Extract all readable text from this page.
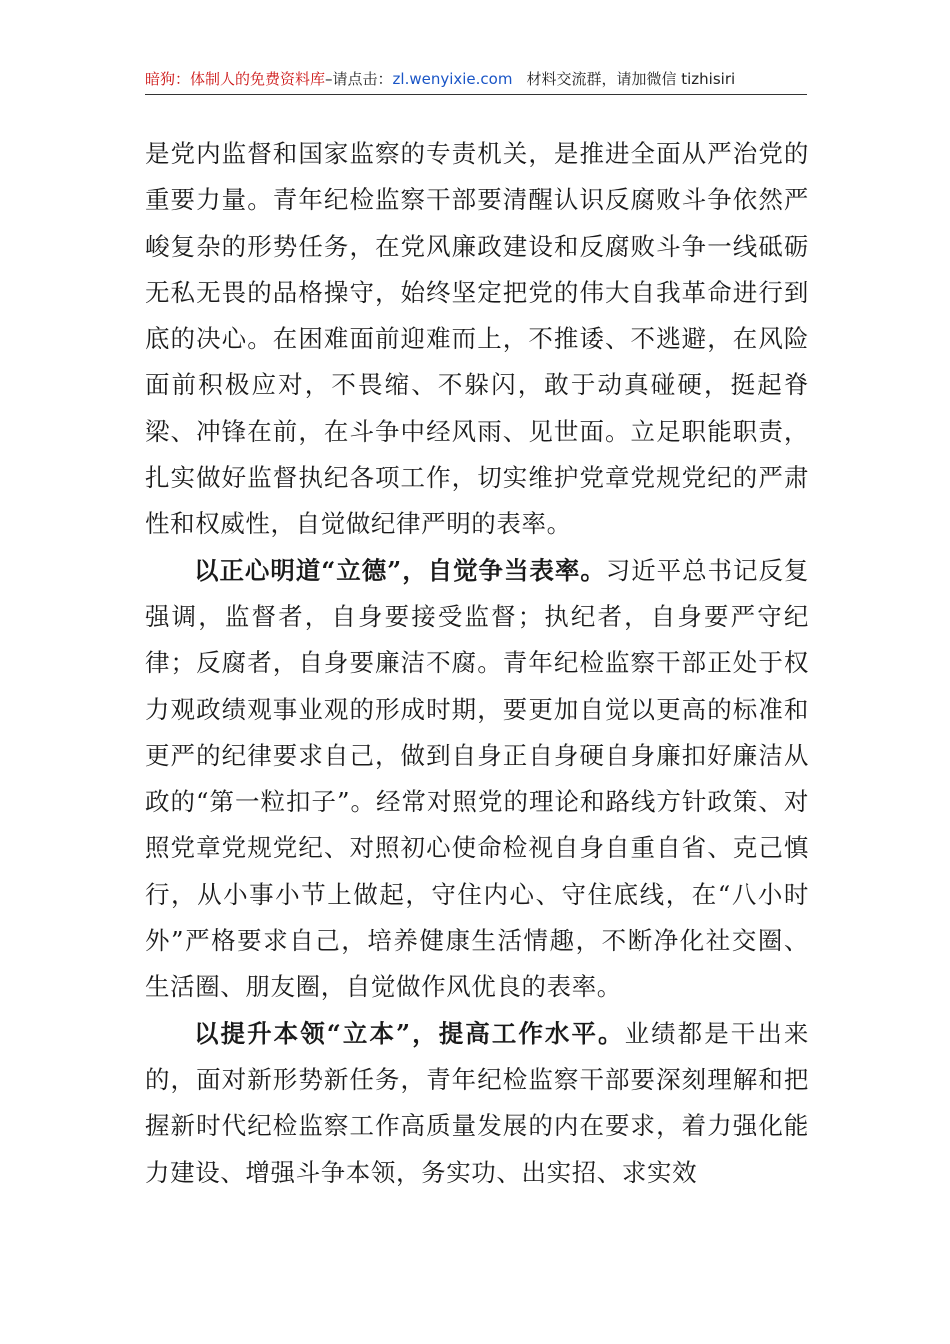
暗狗：体制人的免费资料库–请点击：zl.wenyixie.com 材料交流群，请加微信 tizhisiri

是党内监督和国家监察的专责机关，是推进全面从严治党的重要力量。青年纪检监察干部要清醒认识反腐败斗争依然严峻复杂的形势任务，在党风廉政建设和反腐败斗争一线砥砺无私无畏的品格操守，始终坚定把党的伟大自我革命进行到底的决心。在困难面前迎难而上，不推诿、不逃避，在风险面前积极应对，不畏缩、不躲闪，敢于动真碰硬，挺起脊梁、冲锋在前，在斗争中经风雨、见世面。立足职能职责，扎实做好监督执纪各项工作，切实维护党章党规党纪的严肃性和权威性，自觉做纪律严明的表率。

以正心明道“立德”，自觉争当表率。习近平总书记反复强调，监督者，自身要接受监督；执纪者，自身要严守纪律；反腐者，自身要廉洁不腐。青年纪检监察干部正处于权力观政绩观事业观的形成时期，要更加自觉以更高的标准和更严的纪律要求自己，做到自身正自身硬自身廉扣好廉洁从政的“第一粒扣子”。经常对照党的理论和路线方针政策、对照党章党规党纪、对照初心使命检视自身自重自省、克己慎行，从小事小节上做起，守住内心、守住底线，在“八小时外”严格要求自己，培养健康生活情趣，不断净化社交圈、生活圈、朋友圈，自觉做作风优良的表率。

以提升本领“立本”，提高工作水平。业绩都是干出来的，面对新形势新任务，青年纪检监察干部要深刻理解和把握新时代纪检监察工作高质量发展的内在要求，着力强化能力建设、增强斗争本领，务实功、出实招、求实效
